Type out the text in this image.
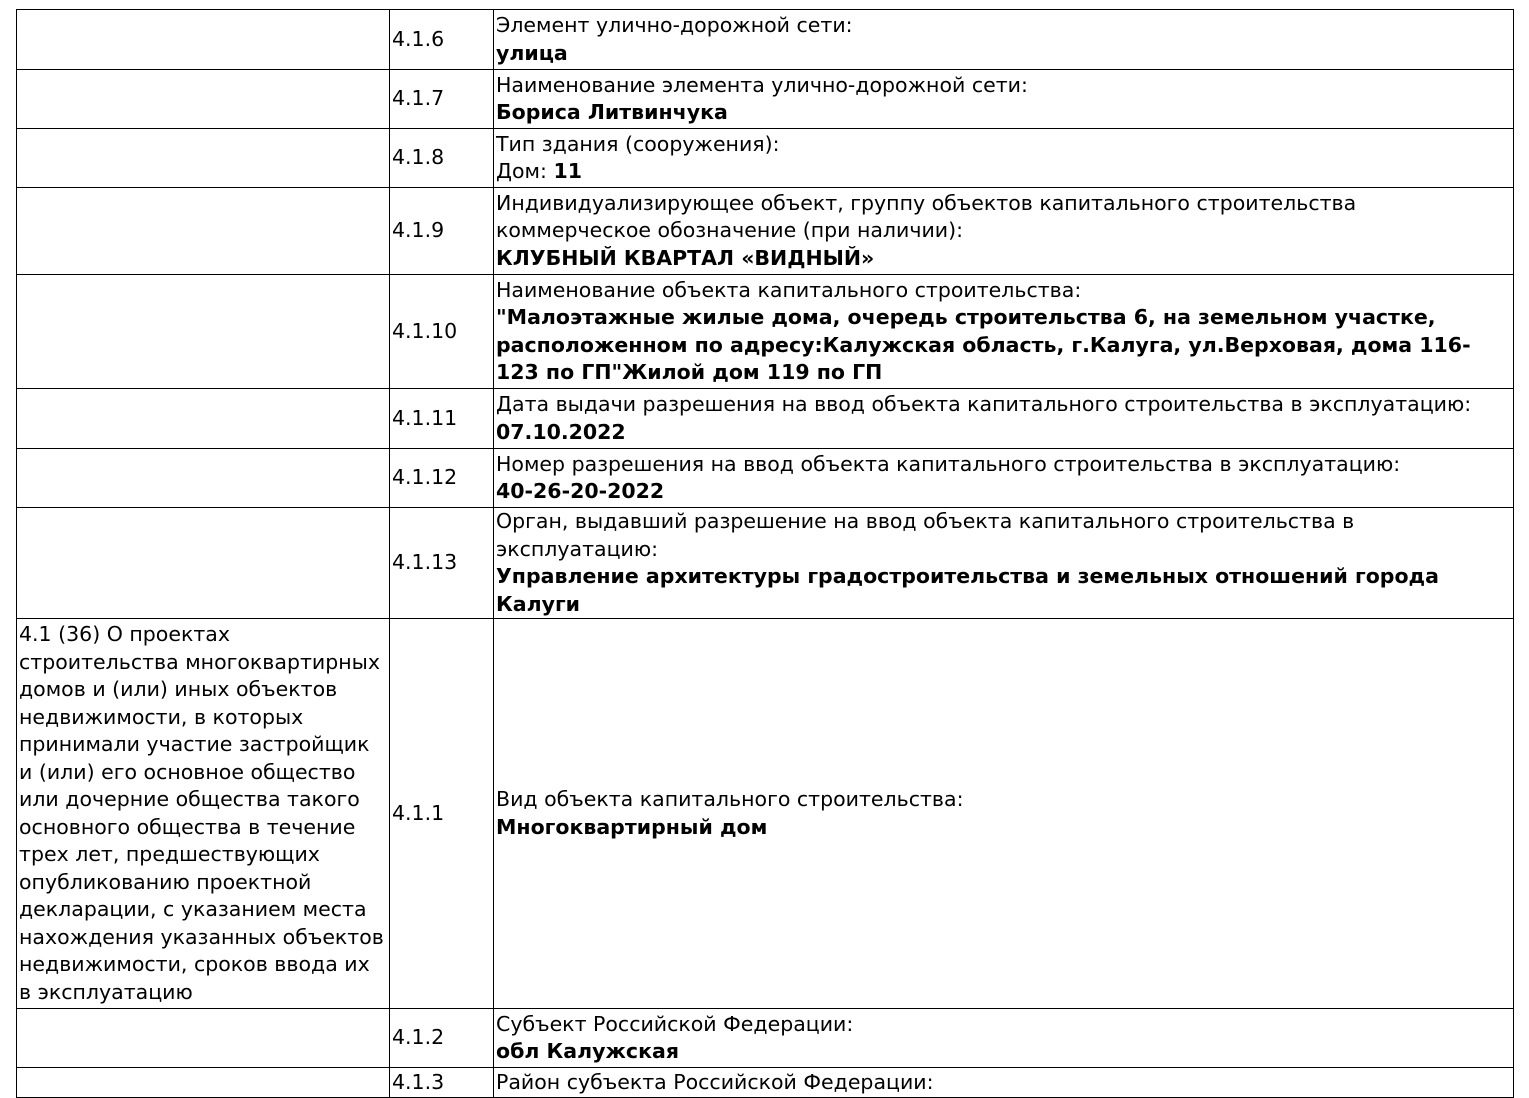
	4.1.6	Элемент улично-дорожной сети:
улица

	4.1.7	Наименование элемента улично-дорожной сети:
Бориса Литвинчука

	4.1.8	Тип здания (сооружения):
Дом: 11

	4.1.9	Индивидуализирующее объект, группу объектов капитального строительства коммерческое обозначение (при наличии):
КЛУБНЫЙ КВАРТАЛ «ВИДНЫЙ»

	4.1.10	Наименование объекта капитального строительства:
"Малоэтажные жилые дома, очередь строительства 6, на земельном участке, расположенном по адресу:Калужская область, г.Калуга, ул.Верховая, дома 116-123 по ГП"Жилой дом 119 по ГП

	4.1.11	Дата выдачи разрешения на ввод объекта капитального строительства в эксплуатацию:
07.10.2022

	4.1.12	Номер разрешения на ввод объекта капитального строительства в эксплуатацию:
40-26-20-2022

	4.1.13	Орган, выдавший разрешение на ввод объекта капитального строительства в эксплуатацию:
Управление архитектуры градостроительства и земельных отношений города Калуги

4.1 (36) О проектах строительства многоквартирных домов и (или) иных объектов недвижимости, в которых принимали участие застройщик и (или) его основное общество или дочерние общества такого основного общества в течение трех лет, предшествующих опубликованию проектной декларации, с указанием места нахождения указанных объектов недвижимости, сроков ввода их в эксплуатацию	4.1.1	Вид объекта капитального строительства:
Многоквартирный дом

	4.1.2	Субъект Российской Федерации:
обл Калужская

	4.1.3	Район субъекта Российской Федерации:
